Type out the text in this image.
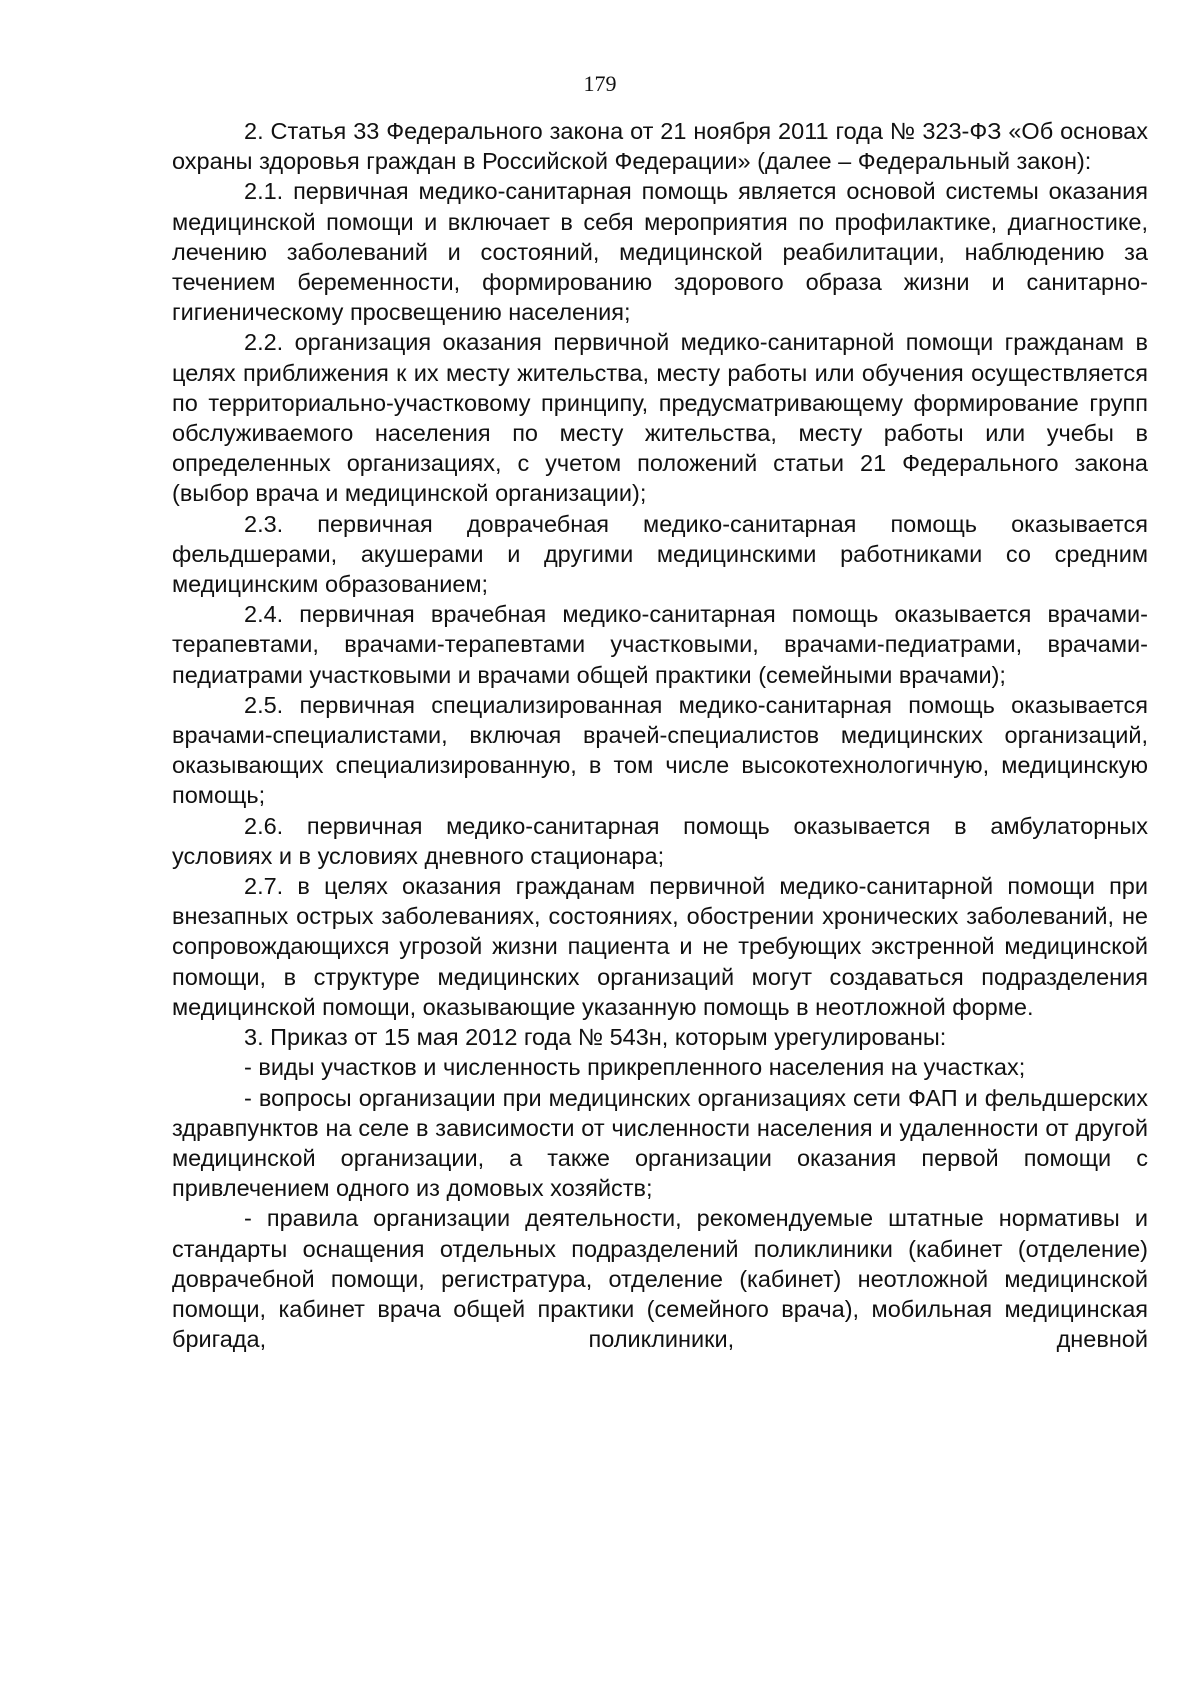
179

2. Статья 33 Федерального закона от 21 ноября 2011 года № 323-ФЗ «Об основах охраны здоровья граждан в Российской Федерации» (далее – Федеральный закон):

2.1. первичная медико-санитарная помощь является основой системы оказания медицинской помощи и включает в себя мероприятия по профилактике, диагностике, лечению заболеваний и состояний, медицинской реабилитации, наблюдению за течением беременности, формированию здорового образа жизни и санитарно-гигиеническому просвещению населения;

2.2. организация оказания первичной медико-санитарной помощи гражданам в целях приближения к их месту жительства, месту работы или обучения осуществляется по территориально-участковому принципу, предусматривающему формирование групп обслуживаемого населения по месту жительства, месту работы или учебы в определенных организациях, с учетом положений статьи 21 Федерального закона (выбор врача и медицинской организации);

2.3. первичная доврачебная медико-санитарная помощь оказывается фельдшерами, акушерами и другими медицинскими работниками со средним медицинским образованием;

2.4. первичная врачебная медико-санитарная помощь оказывается врачами-терапевтами, врачами-терапевтами участковыми, врачами-педиатрами, врачами-педиатрами участковыми и врачами общей практики (семейными врачами);

2.5. первичная специализированная медико-санитарная помощь оказывается врачами-специалистами, включая врачей-специалистов медицинских организаций, оказывающих специализированную, в том числе высокотехнологичную, медицинскую помощь;

2.6. первичная медико-санитарная помощь оказывается в амбулаторных условиях и в условиях дневного стационара;

2.7. в целях оказания гражданам первичной медико-санитарной помощи при внезапных острых заболеваниях, состояниях, обострении хронических заболеваний, не сопровождающихся угрозой жизни пациента и не требующих экстренной медицинской помощи, в структуре медицинских организаций могут создаваться подразделения медицинской помощи, оказывающие указанную помощь в неотложной форме.

3. Приказ от 15 мая 2012 года № 543н, которым урегулированы:

- виды участков и численность прикрепленного населения на участках;

- вопросы организации при медицинских организациях сети ФАП и фельдшерских здравпунктов на селе в зависимости от численности населения и удаленности от другой медицинской организации, а также организации оказания первой помощи с привлечением одного из домовых хозяйств;

- правила организации деятельности, рекомендуемые штатные нормативы и стандарты оснащения отдельных подразделений поликлиники (кабинет (отделение) доврачебной помощи, регистратура, отделение (кабинет) неотложной медицинской помощи, кабинет врача общей практики (семейного врача), мобильная медицинская бригада, поликлиники, дневной
